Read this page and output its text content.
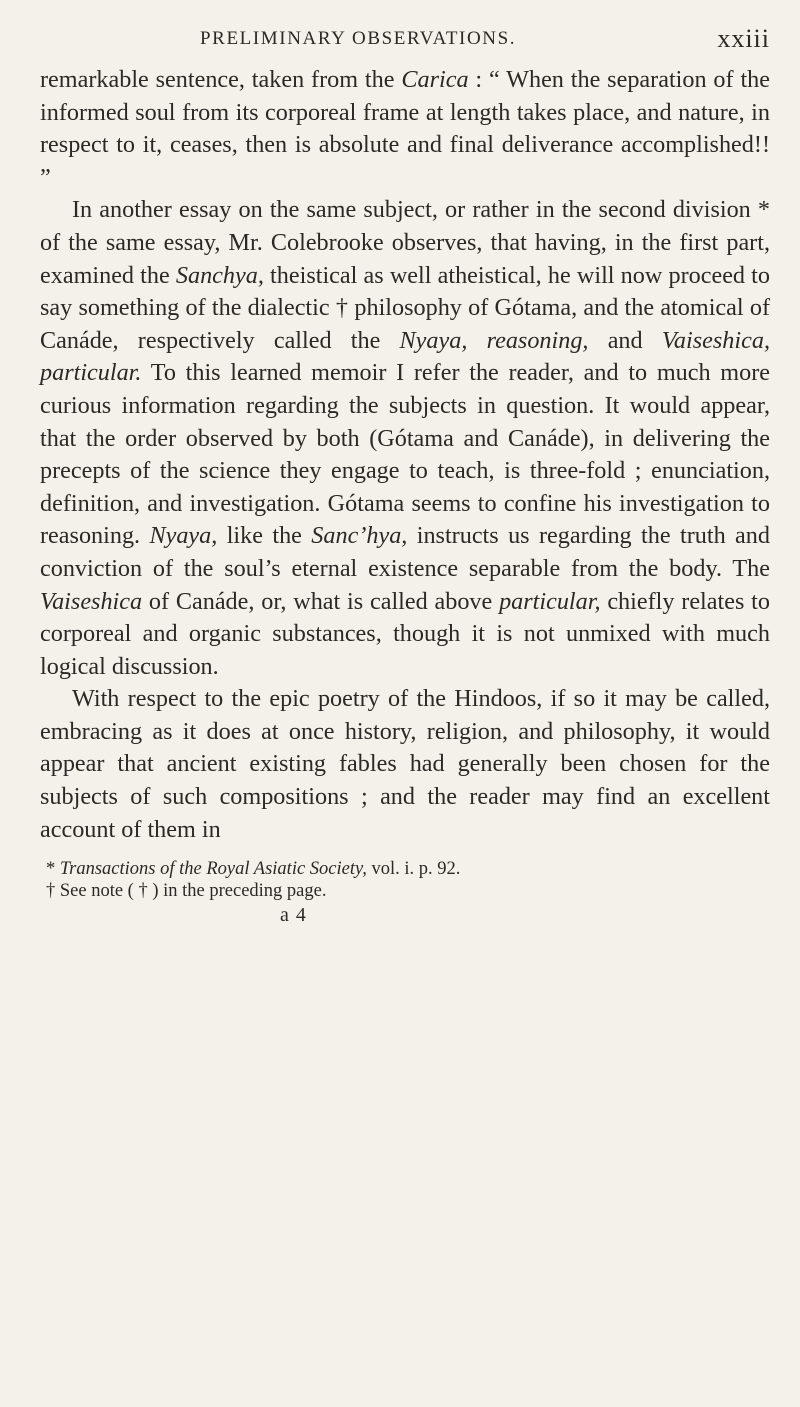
PRELIMINARY OBSERVATIONS.	xxiii

remarkable sentence, taken from the Carica : “ When the separation of the informed soul from its corporeal frame at length takes place, and nature, in respect to it, ceases, then is absolute and final deliverance accomplished!! ”

In another essay on the same subject, or rather in the second division * of the same essay, Mr. Colebrooke observes, that having, in the first part, examined the Sanchya, theistical as well atheistical, he will now proceed to say something of the dialectic † philosophy of Gótama, and the atomical of Canáde, respectively called the Nyaya, reasoning, and Vaiseshica, particular. To this learned memoir I refer the reader, and to much more curious information regarding the subjects in question. It would appear, that the order observed by both (Gótama and Canáde), in delivering the precepts of the science they engage to teach, is three-fold ; enunciation, definition, and investigation. Gótama seems to confine his investigation to reasoning. Nyaya, like the Sanc’hya, instructs us regarding the truth and conviction of the soul’s eternal existence separable from the body. The Vaiseshica of Canáde, or, what is called above particular, chiefly relates to corporeal and organic substances, though it is not unmixed with much logical discussion.

With respect to the epic poetry of the Hindoos, if so it may be called, embracing as it does at once history, religion, and philosophy, it would appear that ancient existing fables had generally been chosen for the subjects of such compositions ; and the reader may find an excellent account of them in

* Transactions of the Royal Asiatic Society, vol. i. p. 92.

† See note ( † ) in the preceding page.

a 4
